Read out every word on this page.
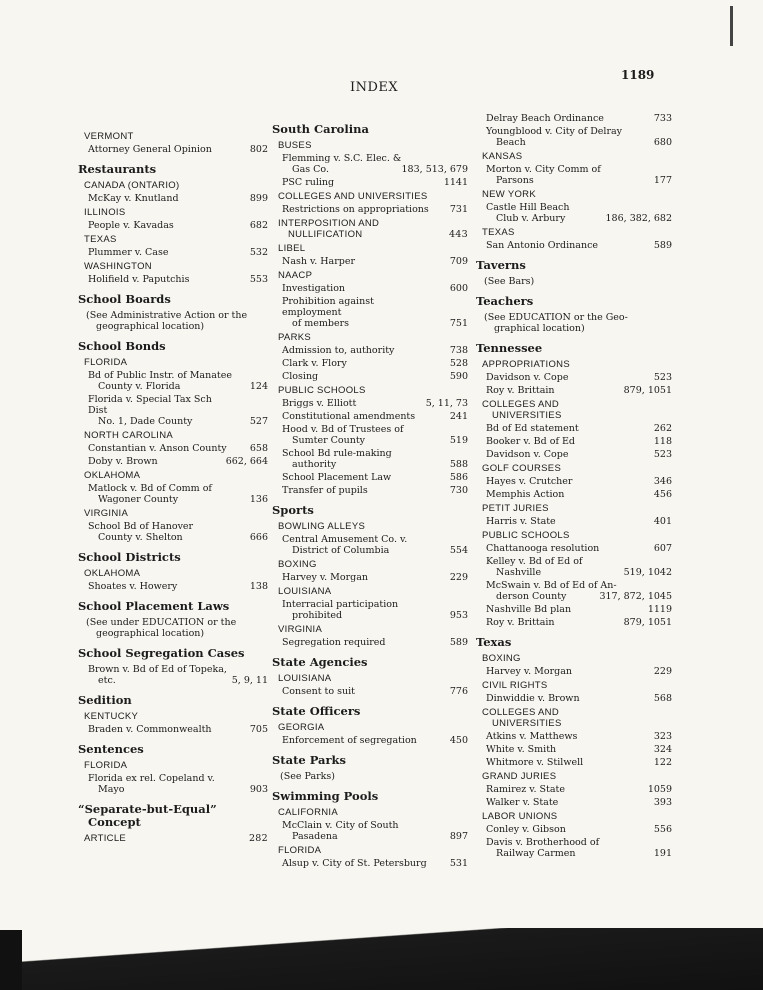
INDEX
1189
VERMONT
Attorney General Opinion	802
Restaurants
CANADA (ONTARIO)
McKay v. Knutland	899
ILLINOIS
People v. Kavadas	682
TEXAS
Plummer v. Case	532
WASHINGTON
Holifield v. Paputchis	553
School Boards
(See Administrative Action or the
geographical location)
School Bonds
FLORIDA
Bd of Public Instr. of Manatee
County v. Florida	124
Florida v. Special Tax Sch Dist
No. 1, Dade County	527
NORTH CAROLINA
Constantian v. Anson County	658
Doby v. Brown	662, 664
OKLAHOMA
Matlock v. Bd of Comm of
Wagoner County	136
VIRGINIA
School Bd of Hanover
County v. Shelton	666
School Districts
OKLAHOMA
Shoates v. Howery	138
School Placement Laws
(See under EDUCATION or the
geographical location)
School Segregation Cases
Brown v. Bd of Ed of Topeka,
etc.	5, 9, 11
Sedition
KENTUCKY
Braden v. Commonwealth	705
Sentences
FLORIDA
Florida ex rel. Copeland v.
Mayo	903
“Separate-but-Equal”
Concept
ARTICLE	282
South Carolina
BUSES
Flemming v. S.C. Elec. &
Gas Co.	183, 513, 679
PSC ruling	1141
COLLEGES AND UNIVERSITIES
Restrictions on appropriations	731
INTERPOSITION AND
NULLIFICATION	443
LIBEL
Nash v. Harper	709
NAACP
Investigation	600
Prohibition against employment
of members	751
PARKS
Admission to, authority	738
Clark v. Flory	528
Closing	590
PUBLIC SCHOOLS
Briggs v. Elliott	5, 11, 73
Constitutional amendments	241
Hood v. Bd of Trustees of
Sumter County	519
School Bd rule-making
authority	588
School Placement Law	586
Transfer of pupils	730
Sports
BOWLING ALLEYS
Central Amusement Co. v.
District of Columbia	554
BOXING
Harvey v. Morgan	229
LOUISIANA
Interracial participation
prohibited	953
VIRGINIA
Segregation required	589
State Agencies
LOUISIANA
Consent to suit	776
State Officers
GEORGIA
Enforcement of segregation	450
State Parks
(See Parks)
Swimming Pools
CALIFORNIA
McClain v. City of South
Pasadena	897
FLORIDA
Alsup v. City of St. Petersburg	531
Delray Beach Ordinance	733
Youngblood v. City of Delray
Beach	680
KANSAS
Morton v. City Comm of
Parsons	177
NEW YORK
Castle Hill Beach
Club v. Arbury	186, 382, 682
TEXAS
San Antonio Ordinance	589
Taverns
(See Bars)
Teachers
(See EDUCATION or the Geo-
graphical location)
Tennessee
APPROPRIATIONS
Davidson v. Cope	523
Roy v. Brittain	879, 1051
COLLEGES AND
UNIVERSITIES
Bd of Ed statement	262
Booker v. Bd of Ed	118
Davidson v. Cope	523
GOLF COURSES
Hayes v. Crutcher	346
Memphis Action	456
PETIT JURIES
Harris v. State	401
PUBLIC SCHOOLS
Chattanooga resolution	607
Kelley v. Bd of Ed of
Nashville	519, 1042
McSwain v. Bd of Ed of An-
derson County	317, 872, 1045
Nashville Bd plan	1119
Roy v. Brittain	879, 1051
Texas
BOXING
Harvey v. Morgan	229
CIVIL RIGHTS
Dinwiddie v. Brown	568
COLLEGES AND
UNIVERSITIES
Atkins v. Matthews	323
White v. Smith	324
Whitmore v. Stilwell	122
GRAND JURIES
Ramirez v. State	1059
Walker v. State	393
LABOR UNIONS
Conley v. Gibson	556
Davis v. Brotherhood of
Railway Carmen	191
